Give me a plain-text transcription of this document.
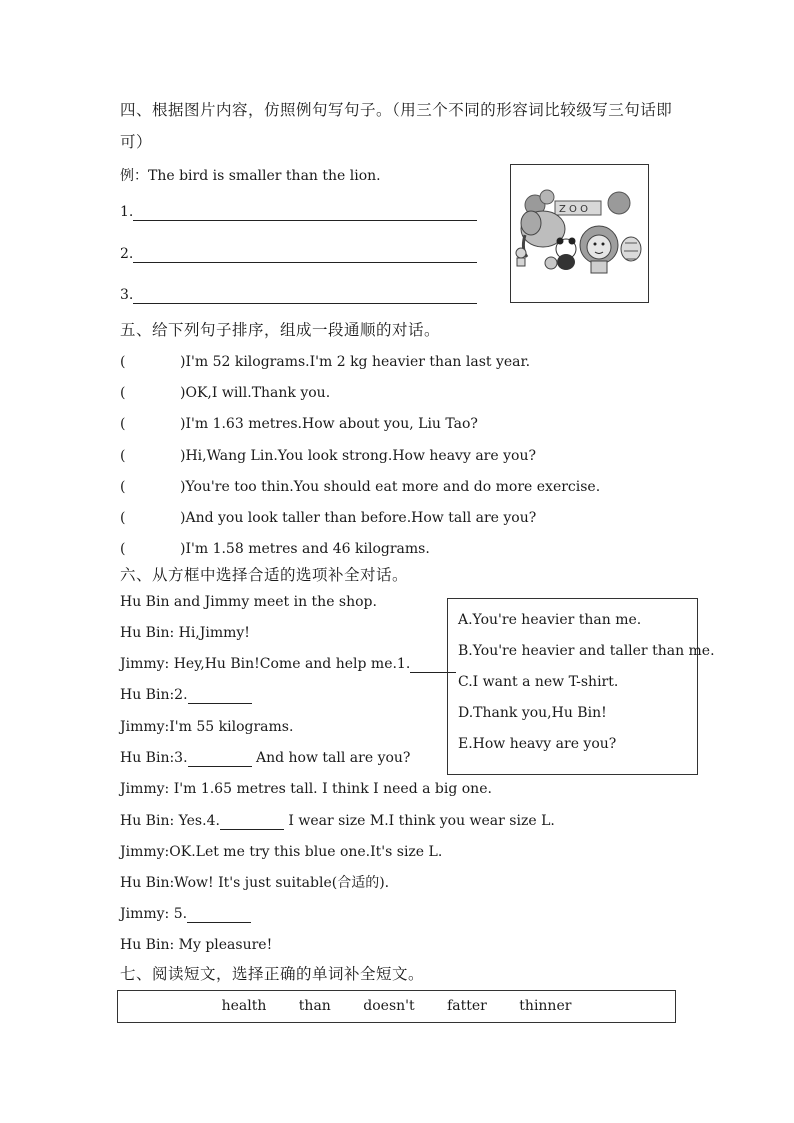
四、根据图片内容，仿照例句写句子。（用三个不同的形容词比较级写三句话即
可）
例：The bird is smaller than the lion.
1.
2.
3.
Z O O
五、给下列句子排序，组成一段通顺的对话。
(	)I'm 52 kilograms.I'm 2 kg heavier than last year.
(	)OK,I will.Thank you.
(	)I'm 1.63 metres.How about you, Liu Tao?
(	)Hi,Wang Lin.You look strong.How heavy are you?
(	)You're too thin.You should eat more and do more exercise.
(	)And you look taller than before.How tall are you?
(	)I'm 1.58 metres and 46 kilograms.
六、从方框中选择合适的选项补全对话。
Hu Bin and Jimmy meet in the shop.
Hu Bin: Hi,Jimmy!
Jimmy: Hey,Hu Bin!Come and help me.1.
Hu Bin:2.
Jimmy:I'm 55 kilograms.
Hu Bin:3.	And how tall are you?
Jimmy: I'm 1.65 metres tall. I think I need a big one.
Hu Bin: Yes.4.	I wear size M.I think you wear size L.
Jimmy:OK.Let me try this blue one.It's size L.
Hu Bin:Wow! It's just suitable(合适的).
Jimmy: 5.
Hu Bin: My pleasure!
A.You're heavier than me.
B.You're heavier and taller than me.
C.I want a new T-shirt.
D.Thank you,Hu Bin!
E.How heavy are you?
七、阅读短文，选择正确的单词补全短文。
health than doesn't fatter thinner
